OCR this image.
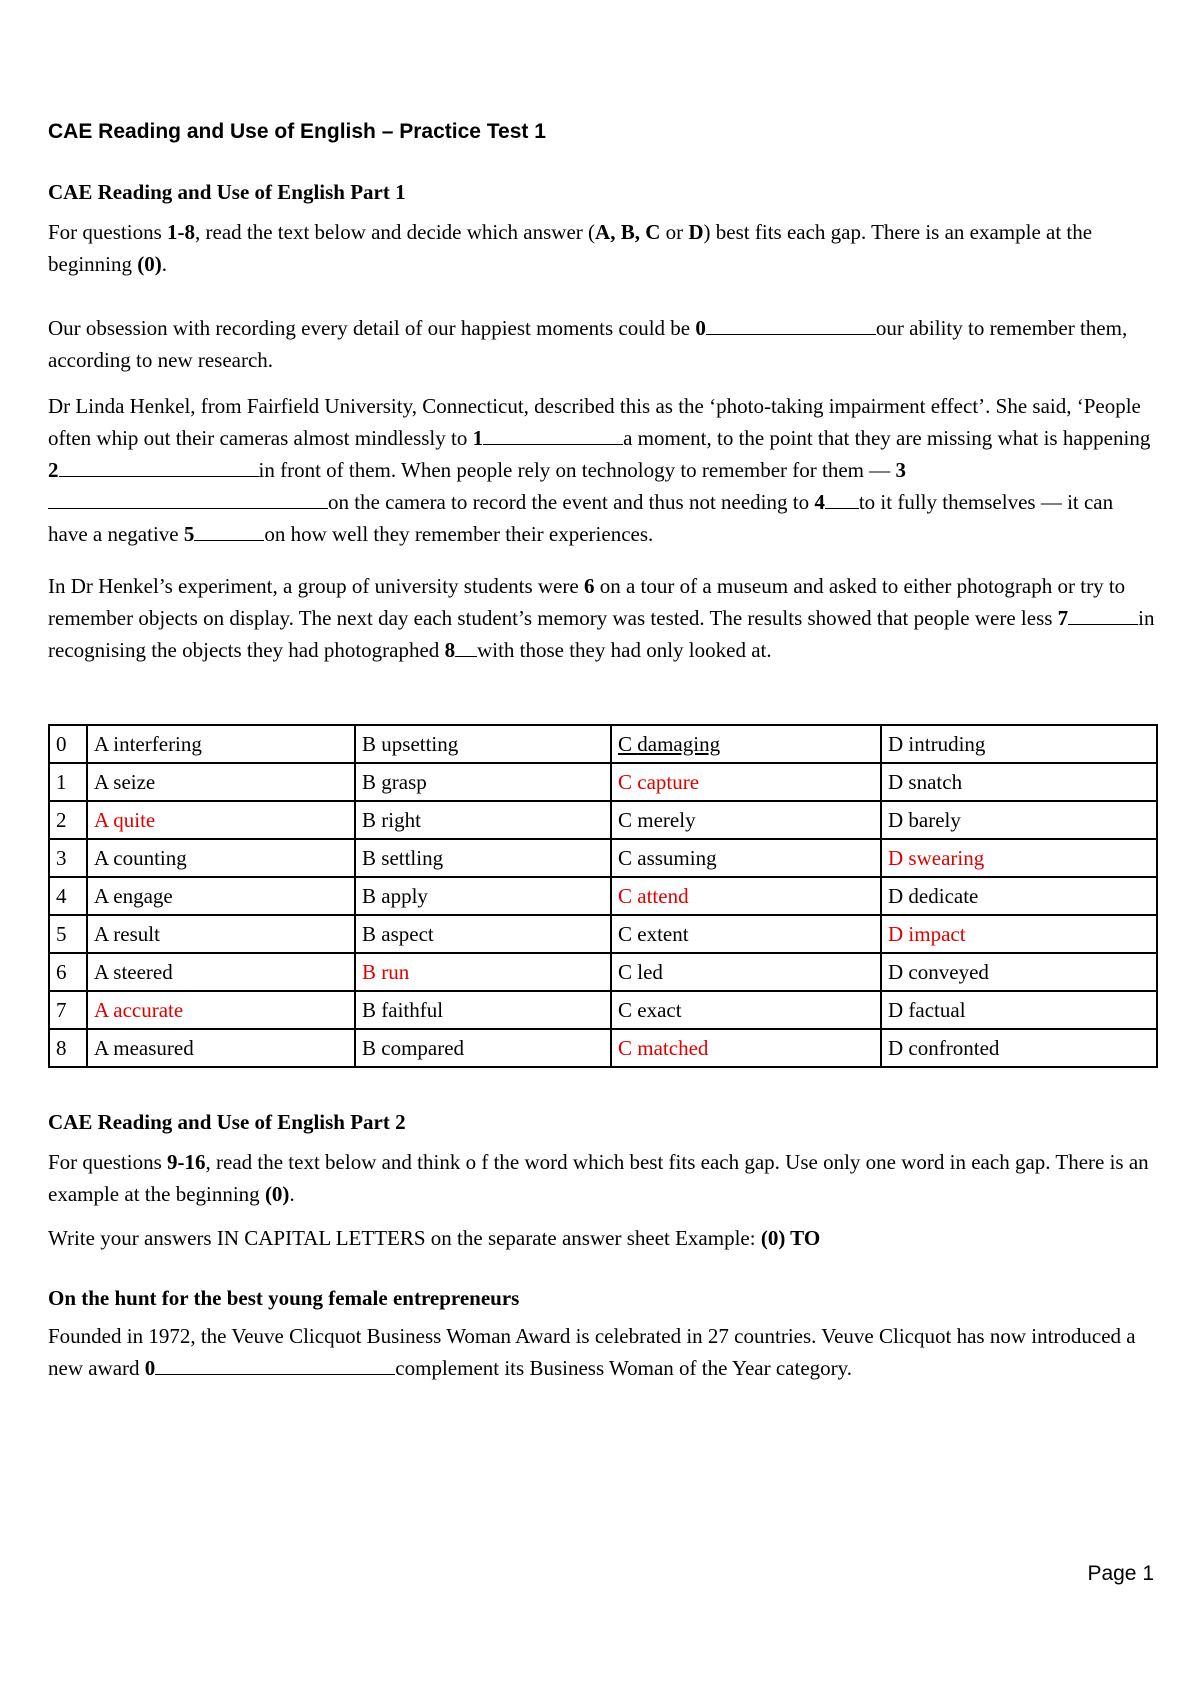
CAE Reading and Use of English – Practice Test 1
CAE Reading and Use of English Part 1

For questions 1-8, read the text below and decide which answer (A, B, C or D) best fits each gap. There is an example at the beginning (0).

Our obsession with recording every detail of our happiest moments could be 0	our ability to remember them, according to new research.

Dr Linda Henkel, from Fairfield University, Connecticut, described this as the ‘photo-taking impairment effect’. She said, ‘People often whip out their cameras almost mindlessly to 1	a moment, to the point that they are missing what is happening 2	in front of them. When people rely on technology to remember for them — 3on the camera to record the event and thus not needing to 4 to it fully themselves — it can have a negative 5	on how well they remember their experiences.

In Dr Henkel’s experiment, a group of university students were 6 on a tour of a museum and asked to either photograph or try to remember objects on display. The next day each student’s memory was tested. The results showed that people were less 7	in recognising the objects they had photographed 8 with those they had only looked at.

0	A interfering	B upsetting	C damaging	D intruding
1	A seize	B grasp	C capture	D snatch
2	A quite	B right	C merely	D barely
3	A counting	B settling	C assuming	D swearing
4	A engage	B apply	C attend	D dedicate
5	A result	B aspect	C extent	D impact
6	A steered	B run	C led	D conveyed
7	A accurate	B faithful	C exact	D factual
8	A measured	B compared	C matched	D confronted
CAE Reading and Use of English Part 2

For questions 9-16, read the text below and think o f the word which best fits each gap. Use only one word in each gap. There is an example at the beginning (0).

Write your answers IN CAPITAL LETTERS on the separate answer sheet Example: (0) TO

On the hunt for the best young female entrepreneurs

Founded in 1972, the Veuve Clicquot Business Woman Award is celebrated in 27 countries. Veuve Clicquot has now introduced a new award 0	complement its Business Woman of the Year category.

Page 1
